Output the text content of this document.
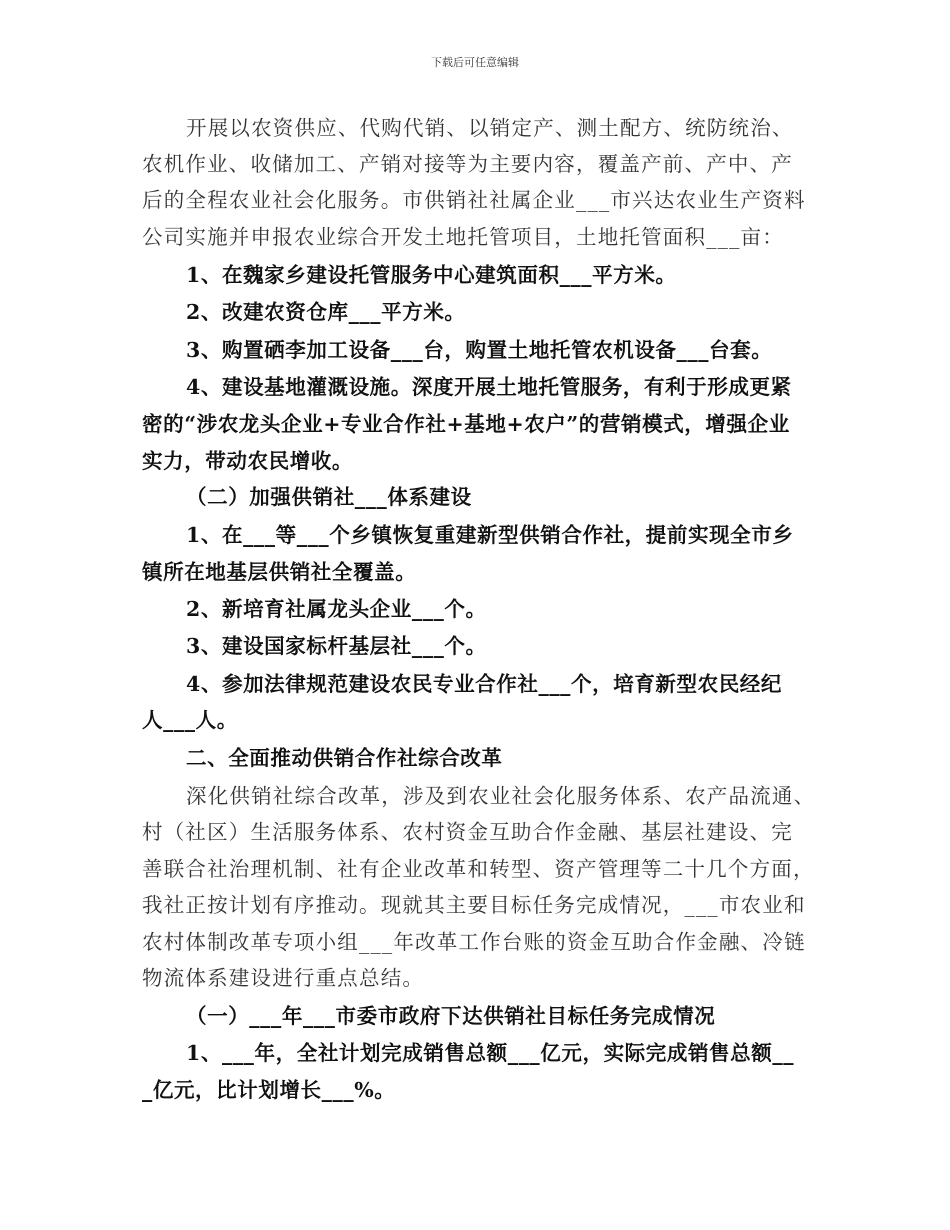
下载后可任意编辑
开展以农资供应、代购代销、以销定产、测土配方、统防统治、
农机作业、收储加工、产销对接等为主要内容，覆盖产前、产中、产
后的全程农业社会化服务。市供销社社属企业___市兴达农业生产资料
公司实施并申报农业综合开发土地托管项目，土地托管面积___亩：
1、在魏家乡建设托管服务中心建筑面积___平方米。
2、改建农资仓库___平方米。
3、购置硒李加工设备___台，购置土地托管农机设备___台套。
4、建设基地灌溉设施。深度开展土地托管服务，有利于形成更紧
密的“涉农龙头企业+专业合作社+基地+农户”的营销模式，增强企业
实力，带动农民增收。
（二）加强供销社___体系建设
1、在___等___个乡镇恢复重建新型供销合作社，提前实现全市乡
镇所在地基层供销社全覆盖。
2、新培育社属龙头企业___个。
3、建设国家标杆基层社___个。
4、参加法律规范建设农民专业合作社___个，培育新型农民经纪
人___人。
二、全面推动供销合作社综合改革
深化供销社综合改革，涉及到农业社会化服务体系、农产品流通、
村（社区）生活服务体系、农村资金互助合作金融、基层社建设、完
善联合社治理机制、社有企业改革和转型、资产管理等二十几个方面，
我社正按计划有序推动。现就其主要目标任务完成情况，___市农业和
农村体制改革专项小组___年改革工作台账的资金互助合作金融、冷链
物流体系建设进行重点总结。
（一）___年___市委市政府下达供销社目标任务完成情况
1、___年，全社计划完成销售总额___亿元，实际完成销售总额__
_亿元，比计划增长___%。
